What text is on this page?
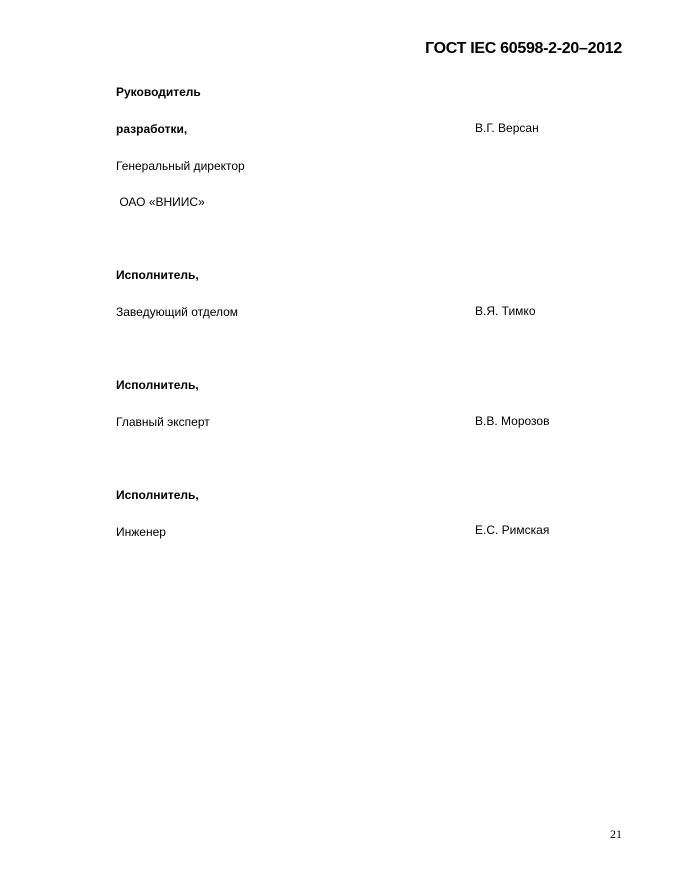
ГОСТ IEC 60598-2-20–2012
Руководитель
разработки,	В.Г. Версан
Генеральный директор
ОАО «ВНИИС»
Исполнитель,
Заведующий отделом	В.Я. Тимко
Исполнитель,
Главный эксперт	В.В. Морозов
Исполнитель,
Инженер	Е.С. Римская
21
